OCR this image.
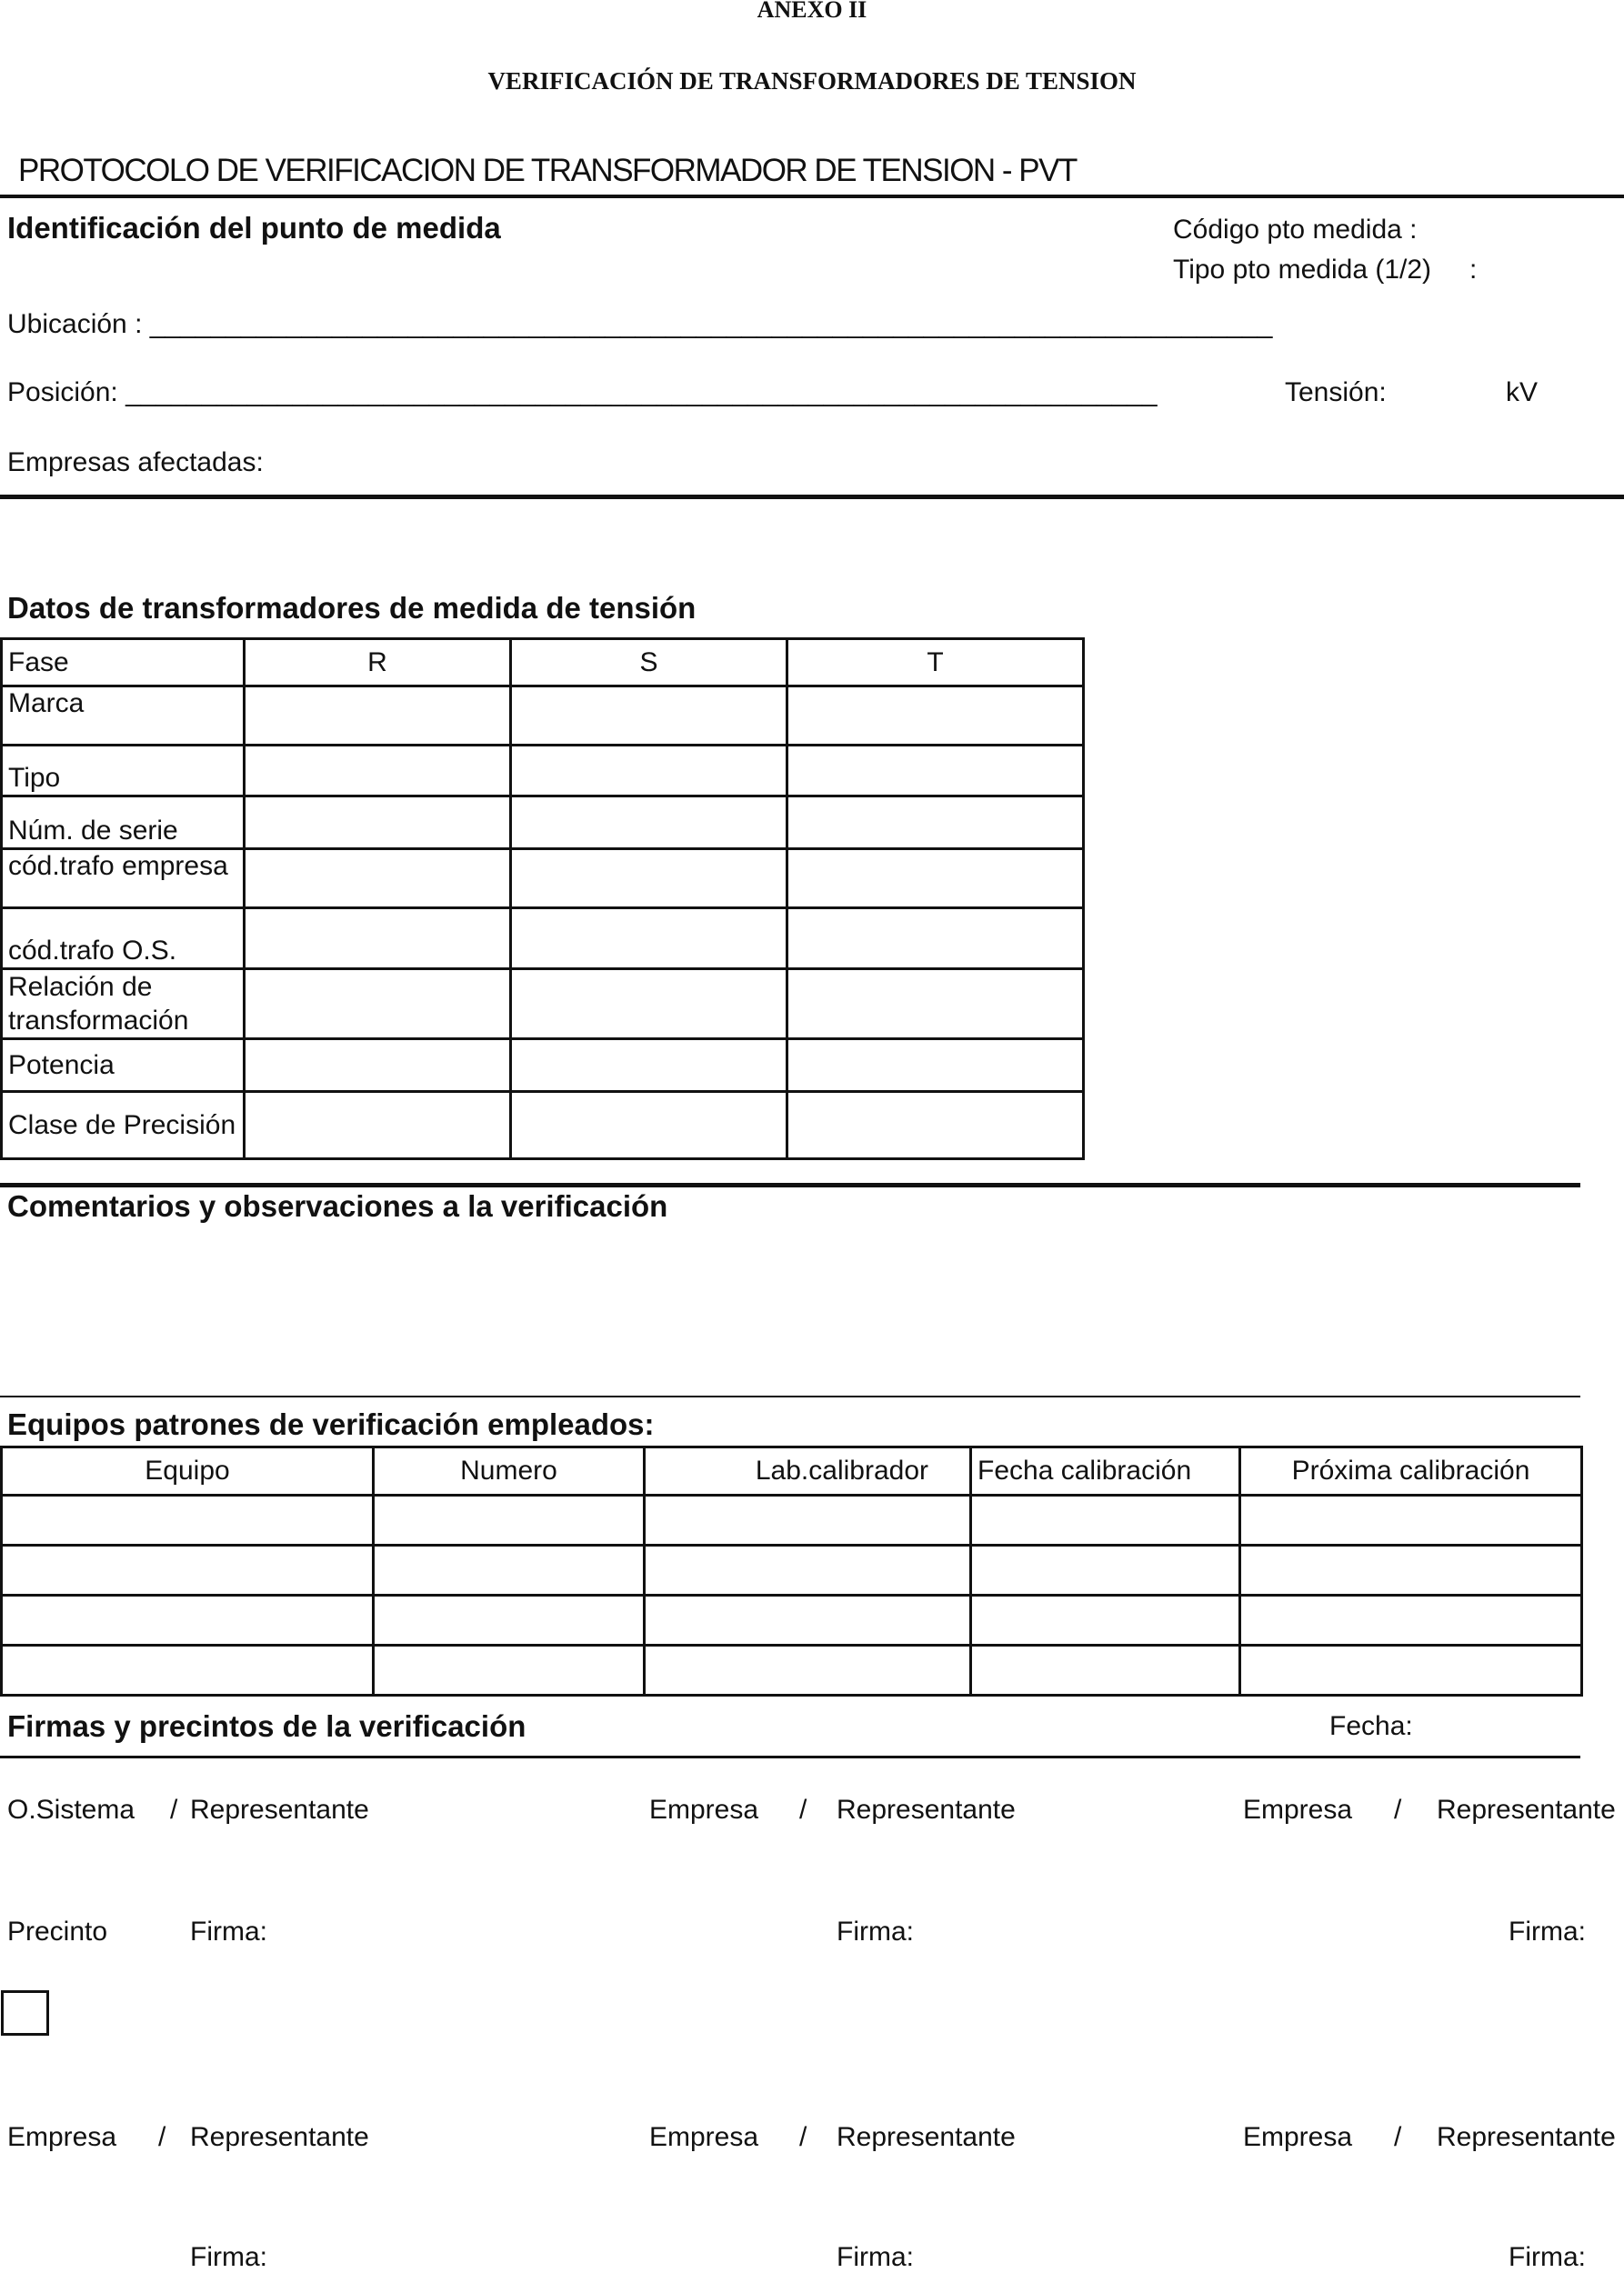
ANEXO II
VERIFICACIÓN DE TRANSFORMADORES DE TENSION
PROTOCOLO DE VERIFICACION DE TRANSFORMADOR DE TENSION - PVT
Identificación del punto de medida	Código pto medida :
Tipo pto medida (1/2) :
Ubicación : __________________________________________________________________________
Posición: ____________________________________________________________________	Tensión:	kV
Empresas afectadas:
Datos de transformadores de medida de tensión
Fase	R	S	T
Marca			
Tipo			
Núm. de serie			
cód.trafo empresa			
cód.trafo O.S.			
Relación de transformación			
Potencia			
Clase de Precisión			
Comentarios y observaciones a la verificación
Equipos patrones de verificación empleados:
Equipo	Numero	Lab.calibrador	Fecha calibración	Próxima calibración

Firmas y precintos de la verificación	Fecha:
O.Sistema / Representante	Empresa / Representante	Empresa / Representante
Precinto	Firma:	Firma:	Firma:
Empresa / Representante	Empresa / Representante	Empresa / Representante
Firma:	Firma:	Firma:
